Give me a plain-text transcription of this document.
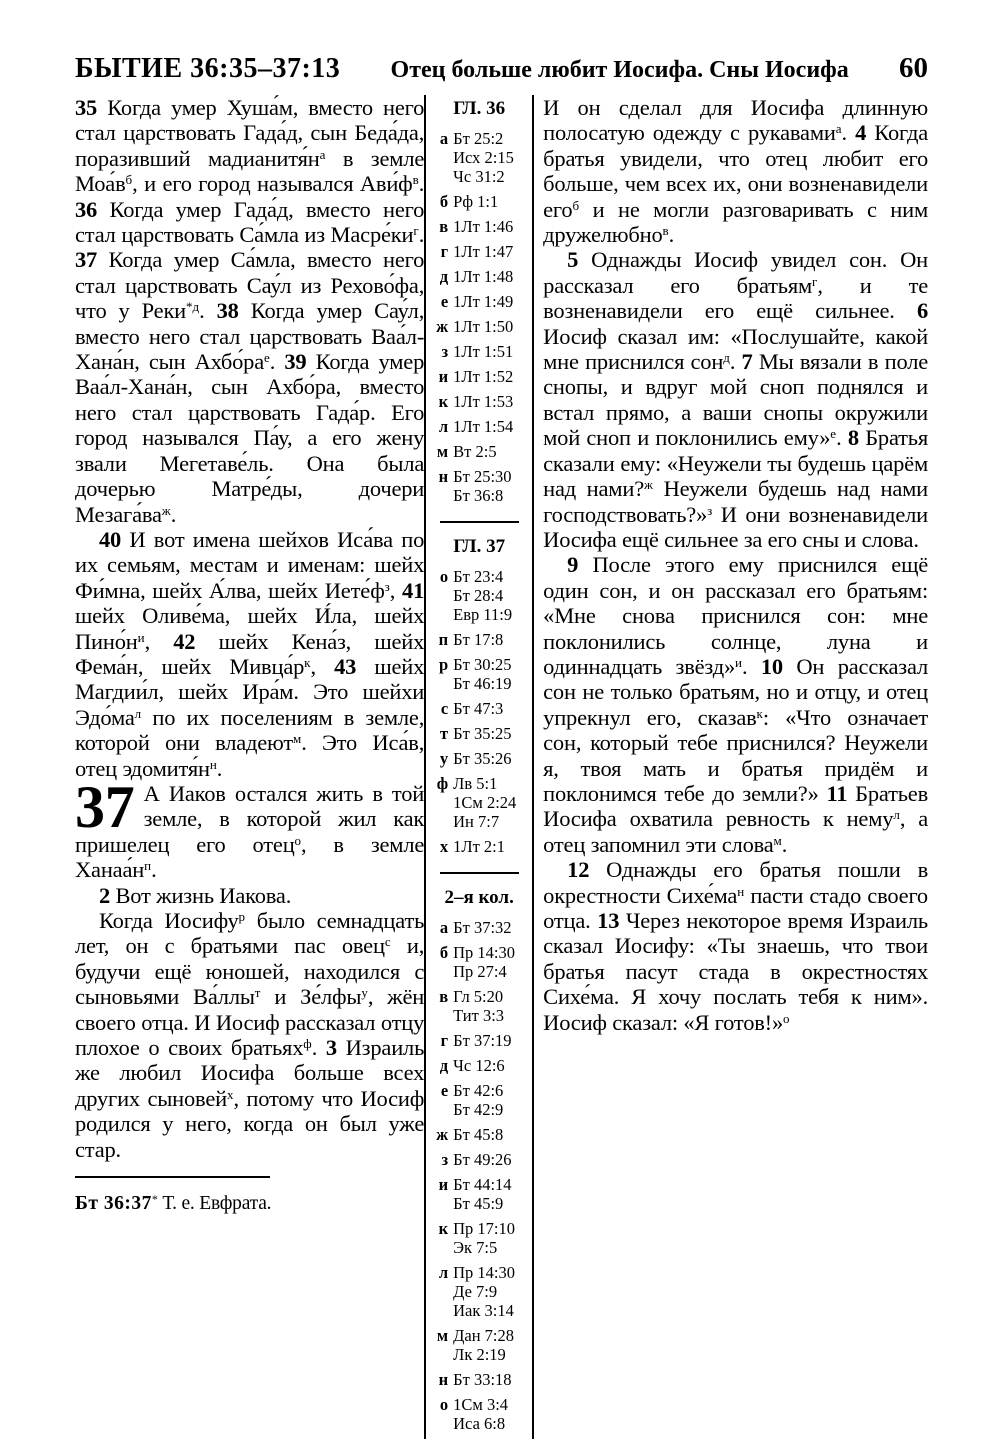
БЫТИЕ 36:35–37:13	Отец больше любит Иосифа. Сны Иосифа	60

35 Когда умер Хуша́м, вместо него стал царствовать Гада́д, сын Беда́да, поразивший $мадианитя́н^а$ в земле $Моа́в^б$, и его город назывался $Ави́ф^в$. 36 Когда умер Гада́д, вместо него стал царствовать Са́мла из $Масре́ки^г$. 37 Когда умер Са́мла, вместо него стал царствовать Сау́л из Рехово́фа, что у Реки$^{*д}$. 38 Когда умер Сау́л, вместо него стал царствовать Ваа́л-Хана́н, сын $Ахбо́ра^е$. 39 Когда умер Ваа́л-Хана́н, сын Ахбо́ра, вместо него стал царствовать Гада́р. Его город назывался Па́у, а его жену звали Мегетаве́ль. Она была дочерью Матре́ды, дочери $Мезага́ва^ж$.

40 И вот имена шейхов Иса́ва по их семьям, местам и именам: шейх Фи́мна, шейх А́лва, шейх $Иете́ф^з$, 41 шейх Оливе́ма, шейх И́ла, шейх $Пино́н^и$, 42 шейх Кена́з, шейх Фема́н, шейх $Мивца́р^к$, 43 шейх Магдии́л, шейх Ира́м. Это шейхи $Эдо́ма^л$ по их поселениям в земле, которой они владеют$^м$. Это Иса́в, отец $эдомитя́н^н$.

37 А Иаков остался жить в той земле, в которой жил как пришелец его отец$^о$, в земле $Ханаа́н^п$.

2 Вот жизнь Иакова.

Когда Иосифу$^р$ было семнадцать лет, он с братьями пас овец$^с$ и, будучи ещё юношей, находился с сыновьями Ва́ллы$^т$ и Зе́лфы$^у$, жён своего отца. И Иосиф рассказал отцу плохое о своих братьях$^ф$. 3 Израиль же любил Иосифа больше всех других сыновей$^х$, потому что Иосиф родился у него, когда он был уже стар.

Бт 36:37* Т. е. Евфрата.
ГЛ. 36
а Бт 25:2
Исх 2:15
Чс 31:2
б Рф 1:1
в 1Лт 1:46
г 1Лт 1:47
д 1Лт 1:48
е 1Лт 1:49
ж 1Лт 1:50
з 1Лт 1:51
и 1Лт 1:52
к 1Лт 1:53
л 1Лт 1:54
м Вт 2:5
н Бт 25:30
Бт 36:8
ГЛ. 37
о Бт 23:4
Бт 28:4
Евр 11:9
п Бт 17:8
р Бт 30:25
Бт 46:19
с Бт 47:3
т Бт 35:25
у Бт 35:26
ф Лв 5:1
1См 2:24
Ин 7:7
х 1Лт 2:1
2–я кол.
а Бт 37:32
б Пр 14:30
Пр 27:4
в Гл 5:20
Тит 3:3
г Бт 37:19
д Чс 12:6
е Бт 42:6
Бт 42:9
ж Бт 45:8
з Бт 49:26
и Бт 44:14
Бт 45:9
к Пр 17:10
Эк 7:5
л Пр 14:30
Де 7:9
Иак 3:14
м Дан 7:28
Лк 2:19
н Бт 33:18
о 1См 3:4
Иса 6:8

И он сделал для Иосифа длинную полосатую одежду с рукавами$^а$. 4 Когда братья увидели, что отец любит его больше, чем всех их, они возненавидели его$^б$ и не могли разговаривать с ним дружелюбно$^в$.

5 Однажды Иосиф увидел сон. Он рассказал его братьям$^г$, и те возненавидели его ещё сильнее. 6 Иосиф сказал им: «Послушайте, какой мне приснился сон$^д$. 7 Мы вязали в поле снопы, и вдруг мой сноп поднялся и встал прямо, а ваши снопы окружили мой сноп и поклонились ему»$^е$. 8 Братья сказали ему: «Неужели ты будешь царём над нами?$^ж$ Неужели будешь над нами господствовать?»$^з$ И они возненавидели Иосифа ещё сильнее за его сны и слова.

9 После этого ему приснился ещё один сон, и он рассказал его братьям: «Мне снова приснился сон: мне поклонились солнце, луна и одиннадцать звёзд»$^и$. 10 Он рассказал сон не только братьям, но и отцу, и отец упрекнул его, сказав$^к$: «Что означает сон, который тебе приснился? Неужели я, твоя мать и братья придём и поклонимся тебе до земли?» 11 Братьев Иосифа охватила ревность к нему$^л$, а отец запомнил эти слова$^м$.

12 Однажды его братья пошли в окрестности $Сихе́ма^н$ пасти стадо своего отца. 13 Через некоторое время Израиль сказал Иосифу: «Ты знаешь, что твои братья пасут стада в окрестностях Сихе́ма. Я хочу послать тебя к ним». Иосиф сказал: «Я готов!»$^о$
